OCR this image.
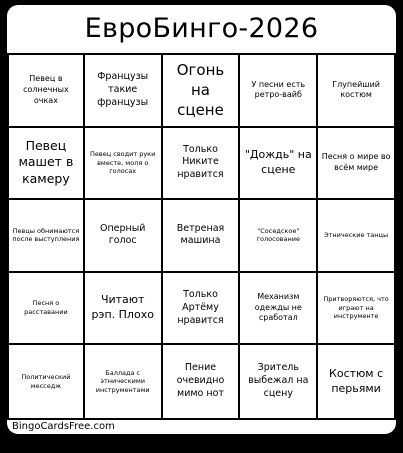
ЕвроБинго-2026
Певец в солнечных очках
Французы такие французы
Огонь на сцене
У песни есть ретро-вайб
Глупейший костюм
Певец машет в камеру
Певец сводит руки вместе, моля о голосах
Только Никите нравится
"Дождь" на сцене
Песня о мире во всём мире
Певцы обнимаются после выступления
Оперный голос
Ветреная машина
"Соседское" голосование
Этнические танцы
Песня о расставании
Читают рэп. Плохо
Только Артёму нравится
Механизм одежды не сработал
Притворяются, что играют на инструменте
Политический месседж
Баллада с этническими инструментами
Пение очевидно мимо нот
Зритель выбежал на сцену
Костюм с перьями
BingoCardsFree.com
